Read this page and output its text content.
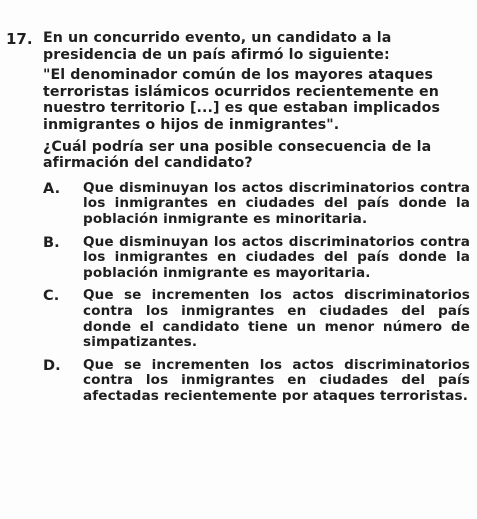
17. En un concurrido evento, un candidato a la presidencia de un país afirmó lo siguiente:

"El denominador común de los mayores ataques terroristas islámicos ocurridos recientemente en nuestro territorio [...] es que estaban implicados inmigrantes o hijos de inmigrantes".

¿Cuál podría ser una posible consecuencia de la afirmación del candidato?

A.	Que disminuyan los actos discriminatorios contra los inmigrantes en ciudades del país donde la población inmigrante es minoritaria.
B.	Que disminuyan los actos discriminatorios contra los inmigrantes en ciudades del país donde la población inmigrante es mayoritaria.
C.	Que se incrementen los actos discriminatorios contra los inmigrantes en ciudades del país donde el candidato tiene un menor número de simpatizantes.
D.	Que se incrementen los actos discriminatorios contra los inmigrantes en ciudades del país afectadas recientemente por ataques terroristas.
